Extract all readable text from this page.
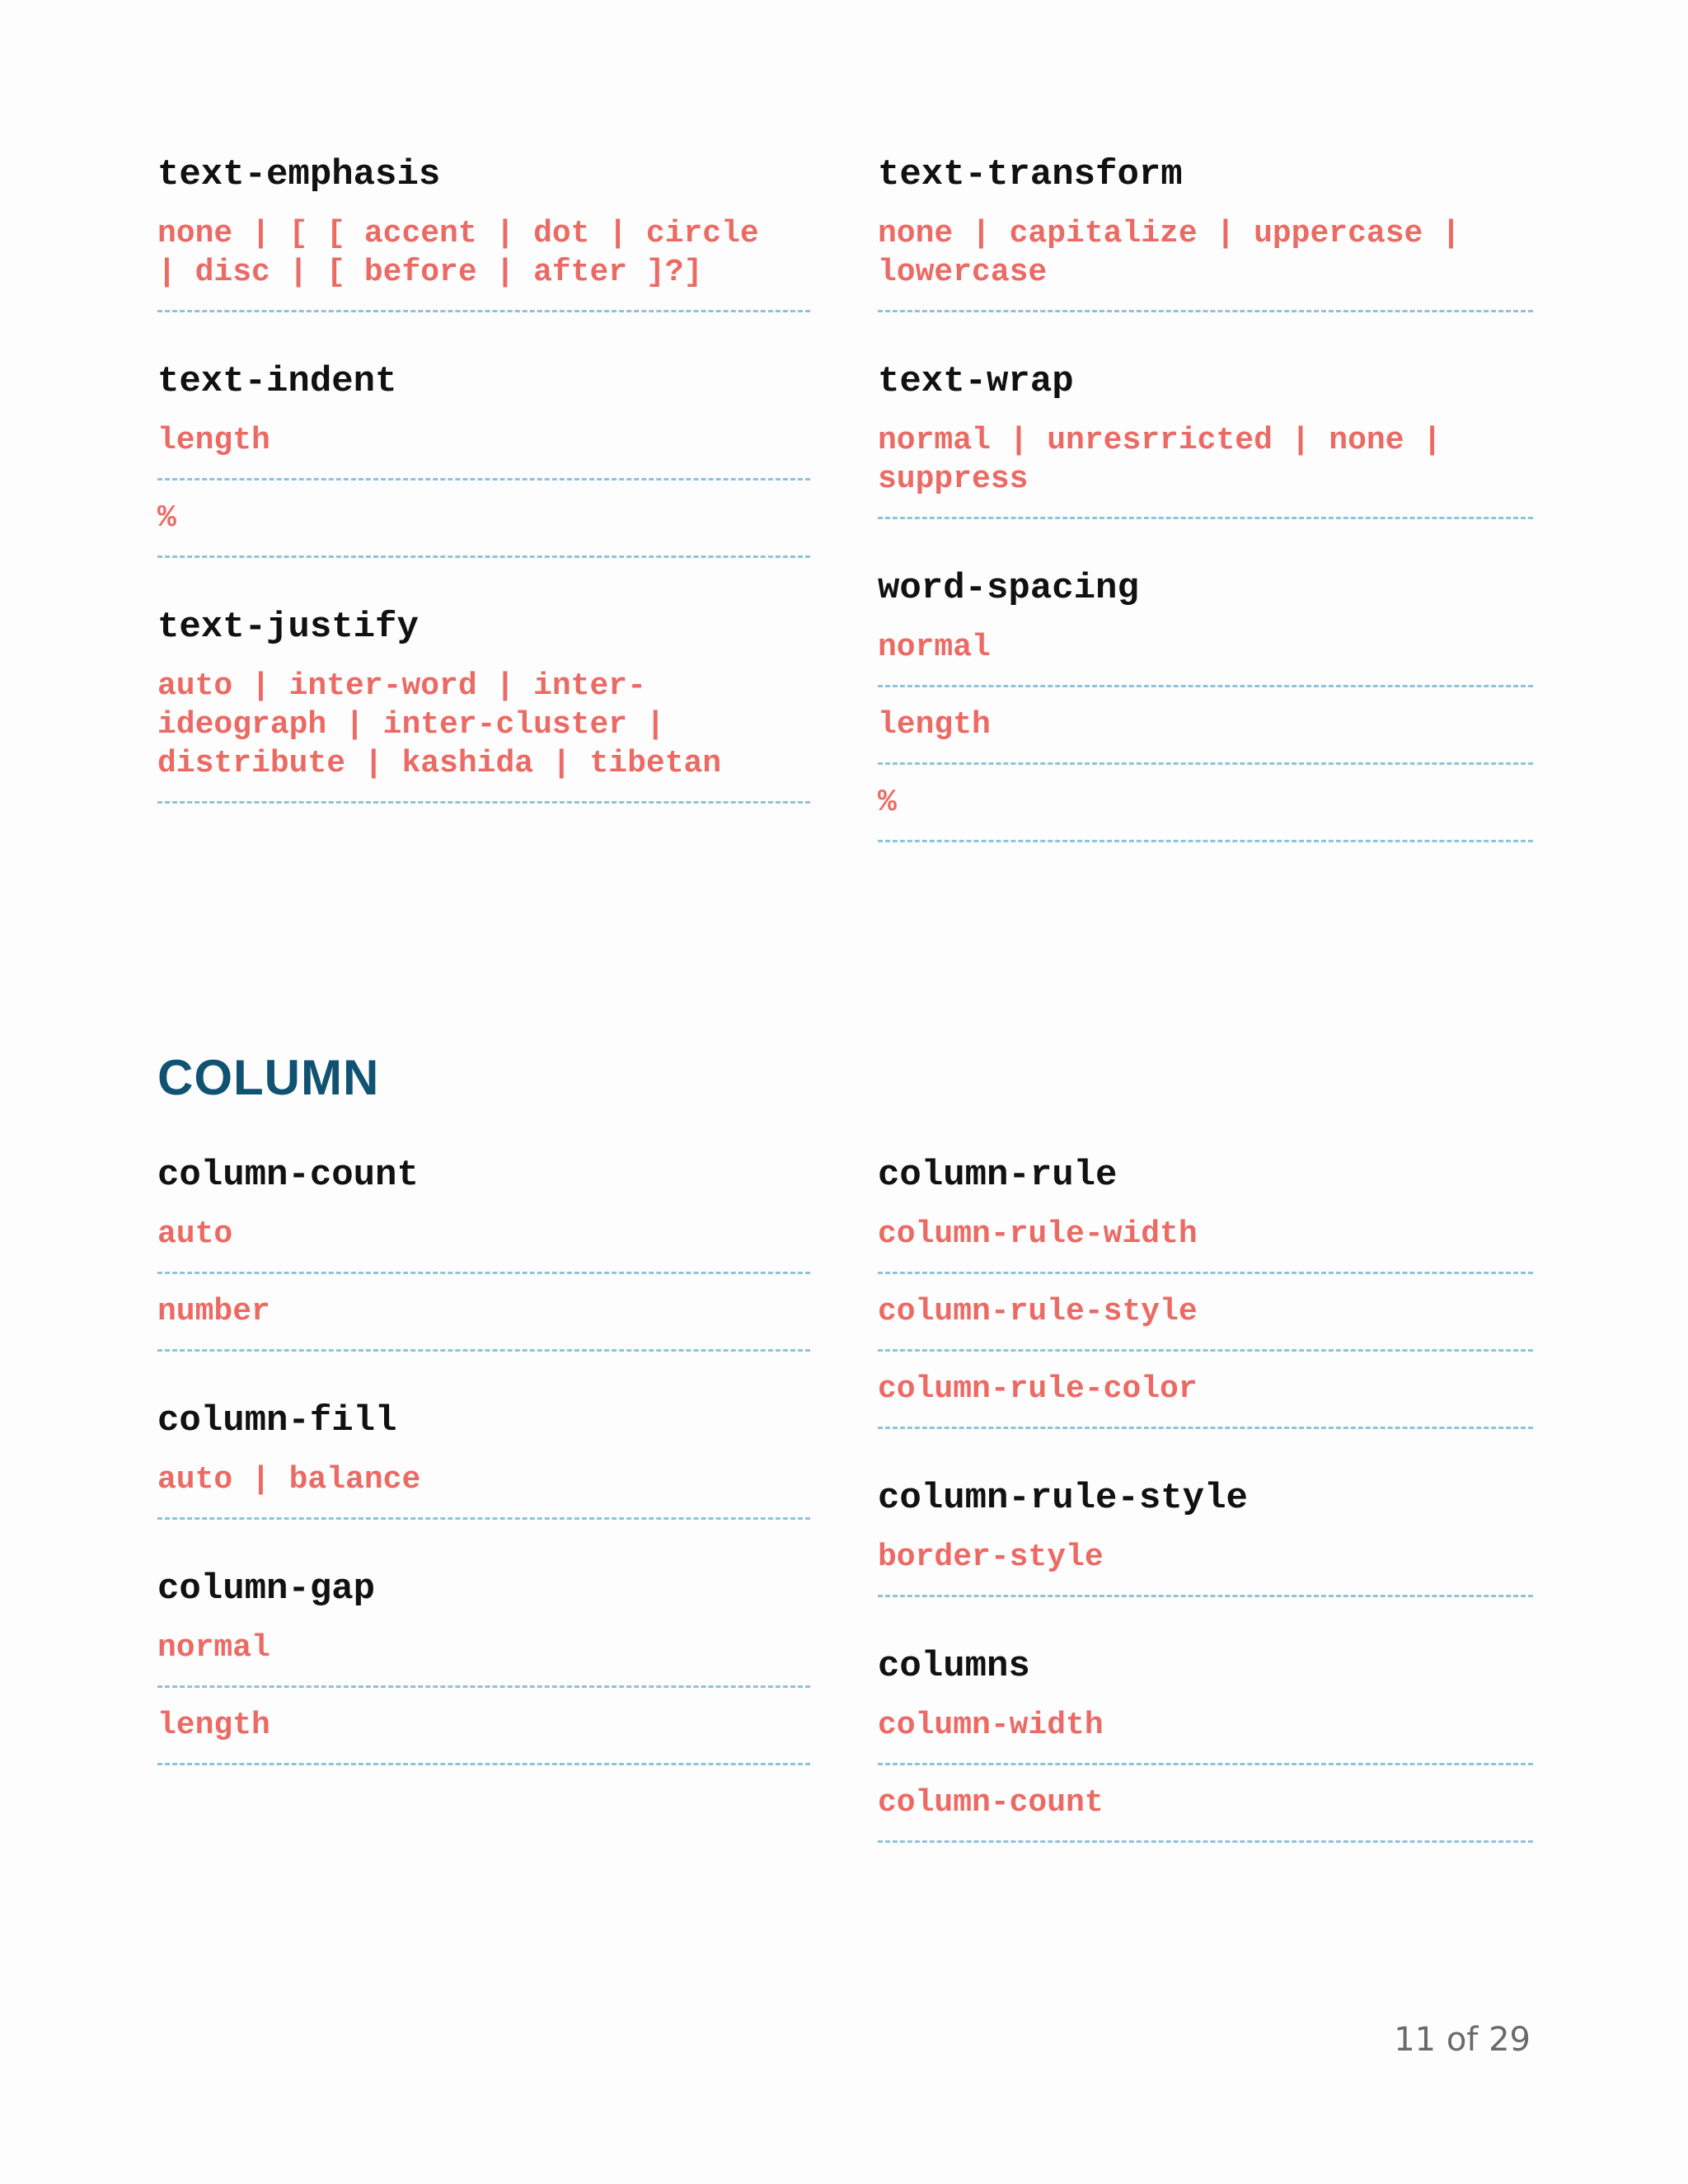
text-emphasis
none | [ [ accent | dot | circle
| disc | [ before | after ]?]
text-indent
length
%
text-justify
auto | inter-word | inter-
ideograph | inter-cluster |
distribute | kashida | tibetan
text-transform
none | capitalize | uppercase |
lowercase
text-wrap
normal | unresrricted | none |
suppress
word-spacing
normal
length
%
COLUMN
column-count
auto
number
column-fill
auto | balance
column-gap
normal
length
column-rule
column-rule-width
column-rule-style
column-rule-color
column-rule-style
border-style
columns
column-width
column-count
11 of 29
